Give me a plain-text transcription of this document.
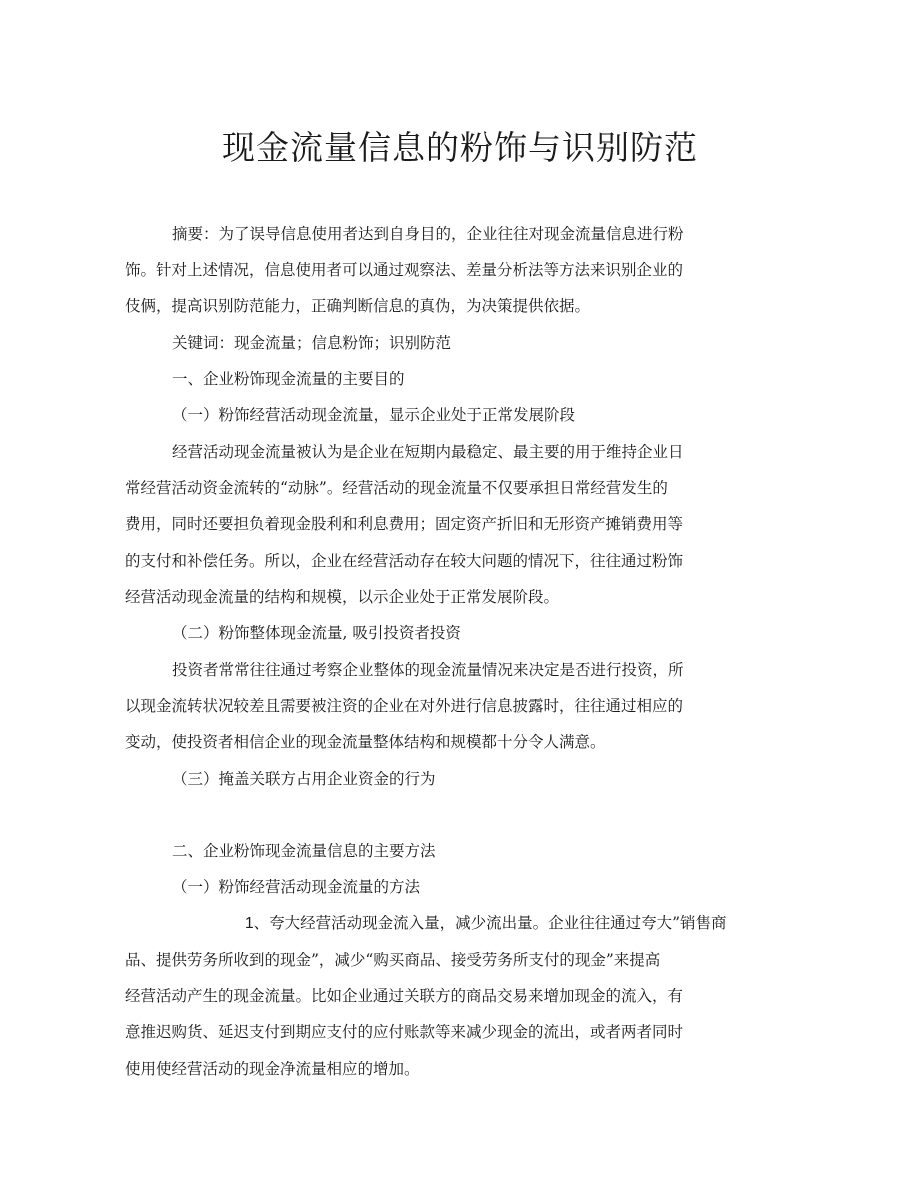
现金流量信息的粉饰与识别防范

摘要：为了误导信息使用者达到自身目的，企业往往对现金流量信息进行粉

饰。针对上述情况，信息使用者可以通过观察法、差量分析法等方法来识别企业的

伎俩，提高识别防范能力，正确判断信息的真伪，为决策提供依据。

关键词：现金流量；信息粉饰；识别防范

一、企业粉饰现金流量的主要目的

（一）粉饰经营活动现金流量，显示企业处于正常发展阶段

经营活动现金流量被认为是企业在短期内最稳定、最主要的用于维持企业日

常经营活动资金流转的“动脉”。经营活动的现金流量不仅要承担日常经营发生的

费用，同时还要担负着现金股利和利息费用；固定资产折旧和无形资产摊销费用等

的支付和补偿任务。所以，企业在经营活动存在较大问题的情况下，往往通过粉饰

经营活动现金流量的结构和规模，以示企业处于正常发展阶段。

（二）粉饰整体现金流量, 吸引投资者投资

投资者常常往往通过考察企业整体的现金流量情况来决定是否进行投资，所

以现金流转状况较差且需要被注资的企业在对外进行信息披露时，往往通过相应的

变动，使投资者相信企业的现金流量整体结构和规模都十分令人满意。

（三）掩盖关联方占用企业资金的行为

二、企业粉饰现金流量信息的主要方法

（一）粉饰经营活动现金流量的方法

1、夸大经营活动现金流入量，减少流出量。企业往往通过夸大”销售商

品、提供劳务所收到的现金”，减少“购买商品、接受劳务所支付的现金”来提高

经营活动产生的现金流量。比如企业通过关联方的商品交易来增加现金的流入，有

意推迟购货、延迟支付到期应支付的应付账款等来减少现金的流出，或者两者同时

使用使经营活动的现金净流量相应的增加。
